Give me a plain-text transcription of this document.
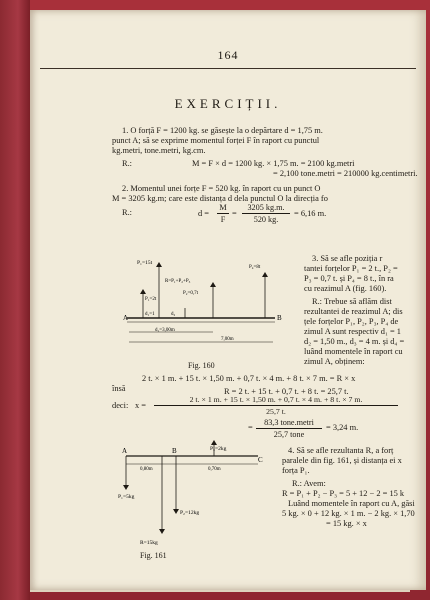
164
EXERCIȚII.
1. O forță F = 1200 kg. se găsește la o depărtare d = 1,75 m.
punct A; să se exprime momentul forței F în raport cu punctul
kg.metri, tone.metri, kg.cm.
R.:	M = F × d = 1200 kg. × 1,75 m. = 2100 kg.metri
= 2,100 tone.metri = 210000 kg.centimetri.
2. Momentul unei forțe F = 520 kg. în raport cu un punct O
M = 3205 kg.m; care este distanța d dela punctul O la direcția fo
R.:	d =
M
F
=
3205 kg.m.
520 kg.
= 6,16 m.
P₁=15t
R=P₁+P₂+P₃
P₂=0,7t
P₄=8t
P₁=2t
A	B
d₁=1	d₂
d₁=3,00m
7,00m
Fig. 160
3. Să se afle poziția r
tantei forțelor P₁ = 2 t., P₂ =
P₃ = 0,7 t. și P₄ = 8 t., în ra
cu reazimul A (fig. 160).
R.: Trebue să aflăm dist
rezultantei de reazimul A; dis
țele forțelor P₁, P₂, P₃, P₄ de
zimul A sunt respectiv d₁ = 1
d₂ = 1,50 m., d₃ = 4 m. și d₄ =
luând momentele în raport cu
zimul A, obținem:
2 t. × 1 m. + 15 t. × 1,50 m. + 0,7 t. × 4 m. + 8 t. × 7 m. = R × x
însă	R = 2 t. + 15 t. + 0,7 t. + 8 t. = 25,7 t.
deci: x =
2 t. × 1 m. + 15 t. × 1,50 m. + 0,7 t. × 4 m. + 8 t. × 7 m.
25,7 t.
=
83,3 tone.metri
25,7 tone
= 3,24 m.
P₃=2kg
A	B
C
0,80m	0,70m
P₁=5kg
P₂=12kg
R=15kg
Fig. 161
4. Să se afle rezultanta R, a forț
paralele din fig. 161, și distanța ei x
forța P₁.
R.: Avem:
R = P₁ + P₂ − P₃ = 5 + 12 − 2 = 15 k
Luând momentele în raport cu A, găsi
5 kg. × 0 + 12 kg. × 1 m. − 2 kg. × 1,70
= 15 kg. × x
